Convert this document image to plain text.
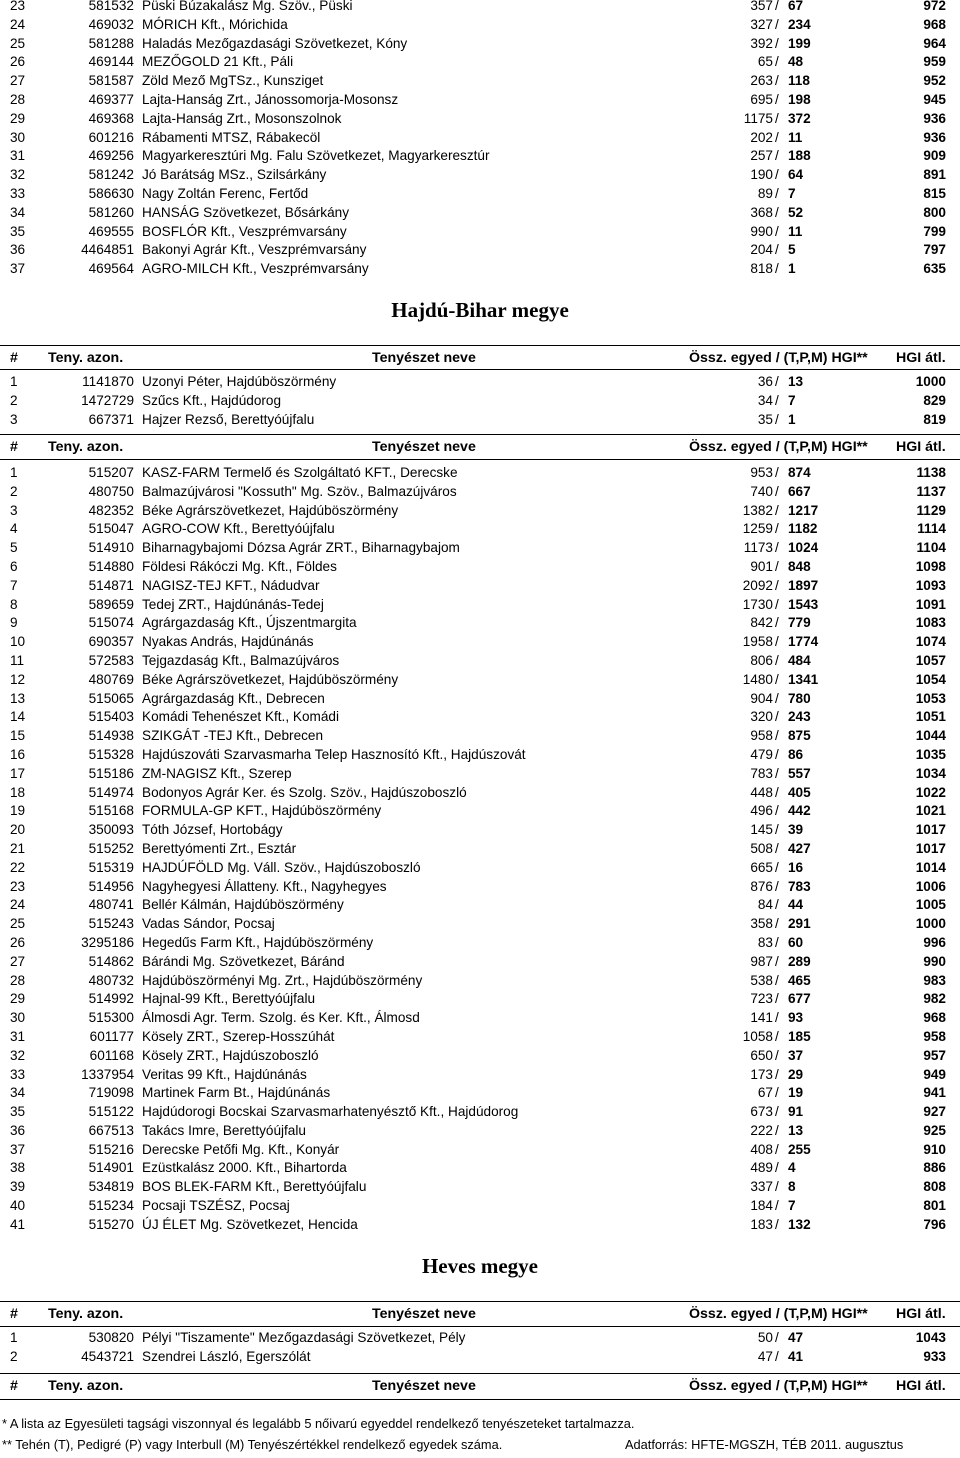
23	581532 Püski Búzakalász Mg. Szöv., Püski	357 / 67	972
24	469032 MÓRICH Kft., Mórichida	327 / 234	968
25	581288 Haladás Mezőgazdasági Szövetkezet, Kóny	392 / 199	964
26	469144 MEZŐGOLD 21 Kft., Páli	65 / 48	959
27	581587 Zöld Mező MgTSz., Kunsziget	263 / 118	952
28	469377 Lajta-Hanság Zrt., Jánossomorja-Mosonsz	695 / 198	945
29	469368 Lajta-Hanság Zrt., Mosonszolnok	1175 / 372	936
30	601216 Rábamenti MTSZ, Rábakecöl	202 / 11	936
31	469256 Magyarkeresztúri Mg. Falu Szövetkezet, Magyarkeresztúr	257 / 188	909
32	581242 Jó Barátság MSz., Szilsárkány	190 / 64	891
33	586630 Nagy Zoltán Ferenc, Fertőd	89 / 7	815
34	581260 HANSÁG Szövetkezet, Bősárkány	368 / 52	800
35	469555 BOSFLÓR Kft., Veszprémvarsány	990 / 11	799
36	4464851 Bakonyi Agrár Kft., Veszprémvarsány	204 / 5	797
37	469564 AGRO-MILCH Kft., Veszprémvarsány	818 / 1	635
Hajdú-Bihar megye
# Teny. azon.	Tenyészet neve	Össz. egyed / (T,P,M) HGI** HGI átl.
1	1141870 Uzonyi Péter, Hajdúböszörmény	36 / 13	1000
2	1472729 Szűcs Kft., Hajdúdorog	34 / 7	829
3	667371 Hajzer Rezső, Berettyóújfalu	35 / 1	819
# Teny. azon.	Tenyészet neve	Össz. egyed / (T,P,M) HGI** HGI átl.
1	515207 KASZ-FARM Termelő és Szolgáltató KFT., Derecske	953 / 874	1138
2	480750 Balmazújvárosi "Kossuth" Mg. Szöv., Balmazújváros	740 / 667	1137
3	482352 Béke Agrárszövetkezet, Hajdúböszörmény	1382 / 1217	1129
4	515047 AGRO-COW Kft., Berettyóújfalu	1259 / 1182	1114
5	514910 Biharnagybajomi Dózsa Agrár ZRT., Biharnagybajom	1173 / 1024	1104
6	514880 Földesi Rákóczi Mg. Kft., Földes	901 / 848	1098
7	514871 NAGISZ-TEJ KFT., Nádudvar	2092 / 1897	1093
8	589659 Tedej ZRT., Hajdúnánás-Tedej	1730 / 1543	1091
9	515074 Agrárgazdaság Kft., Újszentmargita	842 / 779	1083
10	690357 Nyakas András, Hajdúnánás	1958 / 1774	1074
11	572583 Tejgazdaság Kft., Balmazújváros	806 / 484	1057
12	480769 Béke Agrárszövetkezet, Hajdúböszörmény	1480 / 1341	1054
13	515065 Agrárgazdaság Kft., Debrecen	904 / 780	1053
14	515403 Komádi Tehenészet Kft., Komádi	320 / 243	1051
15	514938 SZIKGÁT -TEJ Kft., Debrecen	958 / 875	1044
16	515328 Hajdúszováti Szarvasmarha Telep Hasznosító Kft., Hajdúszovát	479 / 86	1035
17	515186 ZM-NAGISZ Kft., Szerep	783 / 557	1034
18	514974 Bodonyos Agrár Ker. és Szolg. Szöv., Hajdúszoboszló	448 / 405	1022
19	515168 FORMULA-GP KFT., Hajdúböszörmény	496 / 442	1021
20	350093 Tóth József, Hortobágy	145 / 39	1017
21	515252 Berettyómenti Zrt., Esztár	508 / 427	1017
22	515319 HAJDÚFÖLD Mg. Váll. Szöv., Hajdúszoboszló	665 / 16	1014
23	514956 Nagyhegyesi Állatteny. Kft., Nagyhegyes	876 / 783	1006
24	480741 Bellér Kálmán, Hajdúböszörmény	84 / 44	1005
25	515243 Vadas Sándor, Pocsaj	358 / 291	1000
26	3295186 Hegedűs Farm Kft., Hajdúböszörmény	83 / 60	996
27	514862 Bárándi Mg. Szövetkezet, Báránd	987 / 289	990
28	480732 Hajdúböszörményi Mg. Zrt., Hajdúböszörmény	538 / 465	983
29	514992 Hajnal-99 Kft., Berettyóújfalu	723 / 677	982
30	515300 Álmosdi Agr. Term. Szolg. és Ker. Kft., Álmosd	141 / 93	968
31	601177 Kösely ZRT., Szerep-Hosszúhát	1058 / 185	958
32	601168 Kösely ZRT., Hajdúszoboszló	650 / 37	957
33	1337954 Veritas 99 Kft., Hajdúnánás	173 / 29	949
34	719098 Martinek Farm Bt., Hajdúnánás	67 / 19	941
35	515122 Hajdúdorogi Bocskai Szarvasmarhatenyésztő Kft., Hajdúdorog	673 / 91	927
36	667513 Takács Imre, Berettyóújfalu	222 / 13	925
37	515216 Derecske Petőfi Mg. Kft., Konyár	408 / 255	910
38	514901 Ezüstkalász 2000. Kft., Bihartorda	489 / 4	886
39	534819 BOS BLEK-FARM Kft., Berettyóújfalu	337 / 8	808
40	515234 Pocsaji TSZÉSZ, Pocsaj	184 / 7	801
41	515270 ÚJ ÉLET Mg. Szövetkezet, Hencida	183 / 132	796
Heves megye
# Teny. azon.	Tenyészet neve	Össz. egyed / (T,P,M) HGI** HGI átl.
1	530820 Pélyi "Tiszamente" Mezőgazdasági Szövetkezet, Pély	50 / 47	1043
2	4543721 Szendrei László, Egerszólát	47 / 41	933
# Teny. azon.	Tenyészet neve	Össz. egyed / (T,P,M) HGI** HGI átl.
* A lista az Egyesületi tagsági viszonnyal és legalább 5 nőivarú egyeddel rendelkező tenyészeteket tartalmazza.
** Tehén (T), Pedigré (P) vagy Interbull (M) Tenyészértékkel rendelkező egyedek száma.	Adatforrás: HFTE-MGSZH, TÉB 2011. augusztus
